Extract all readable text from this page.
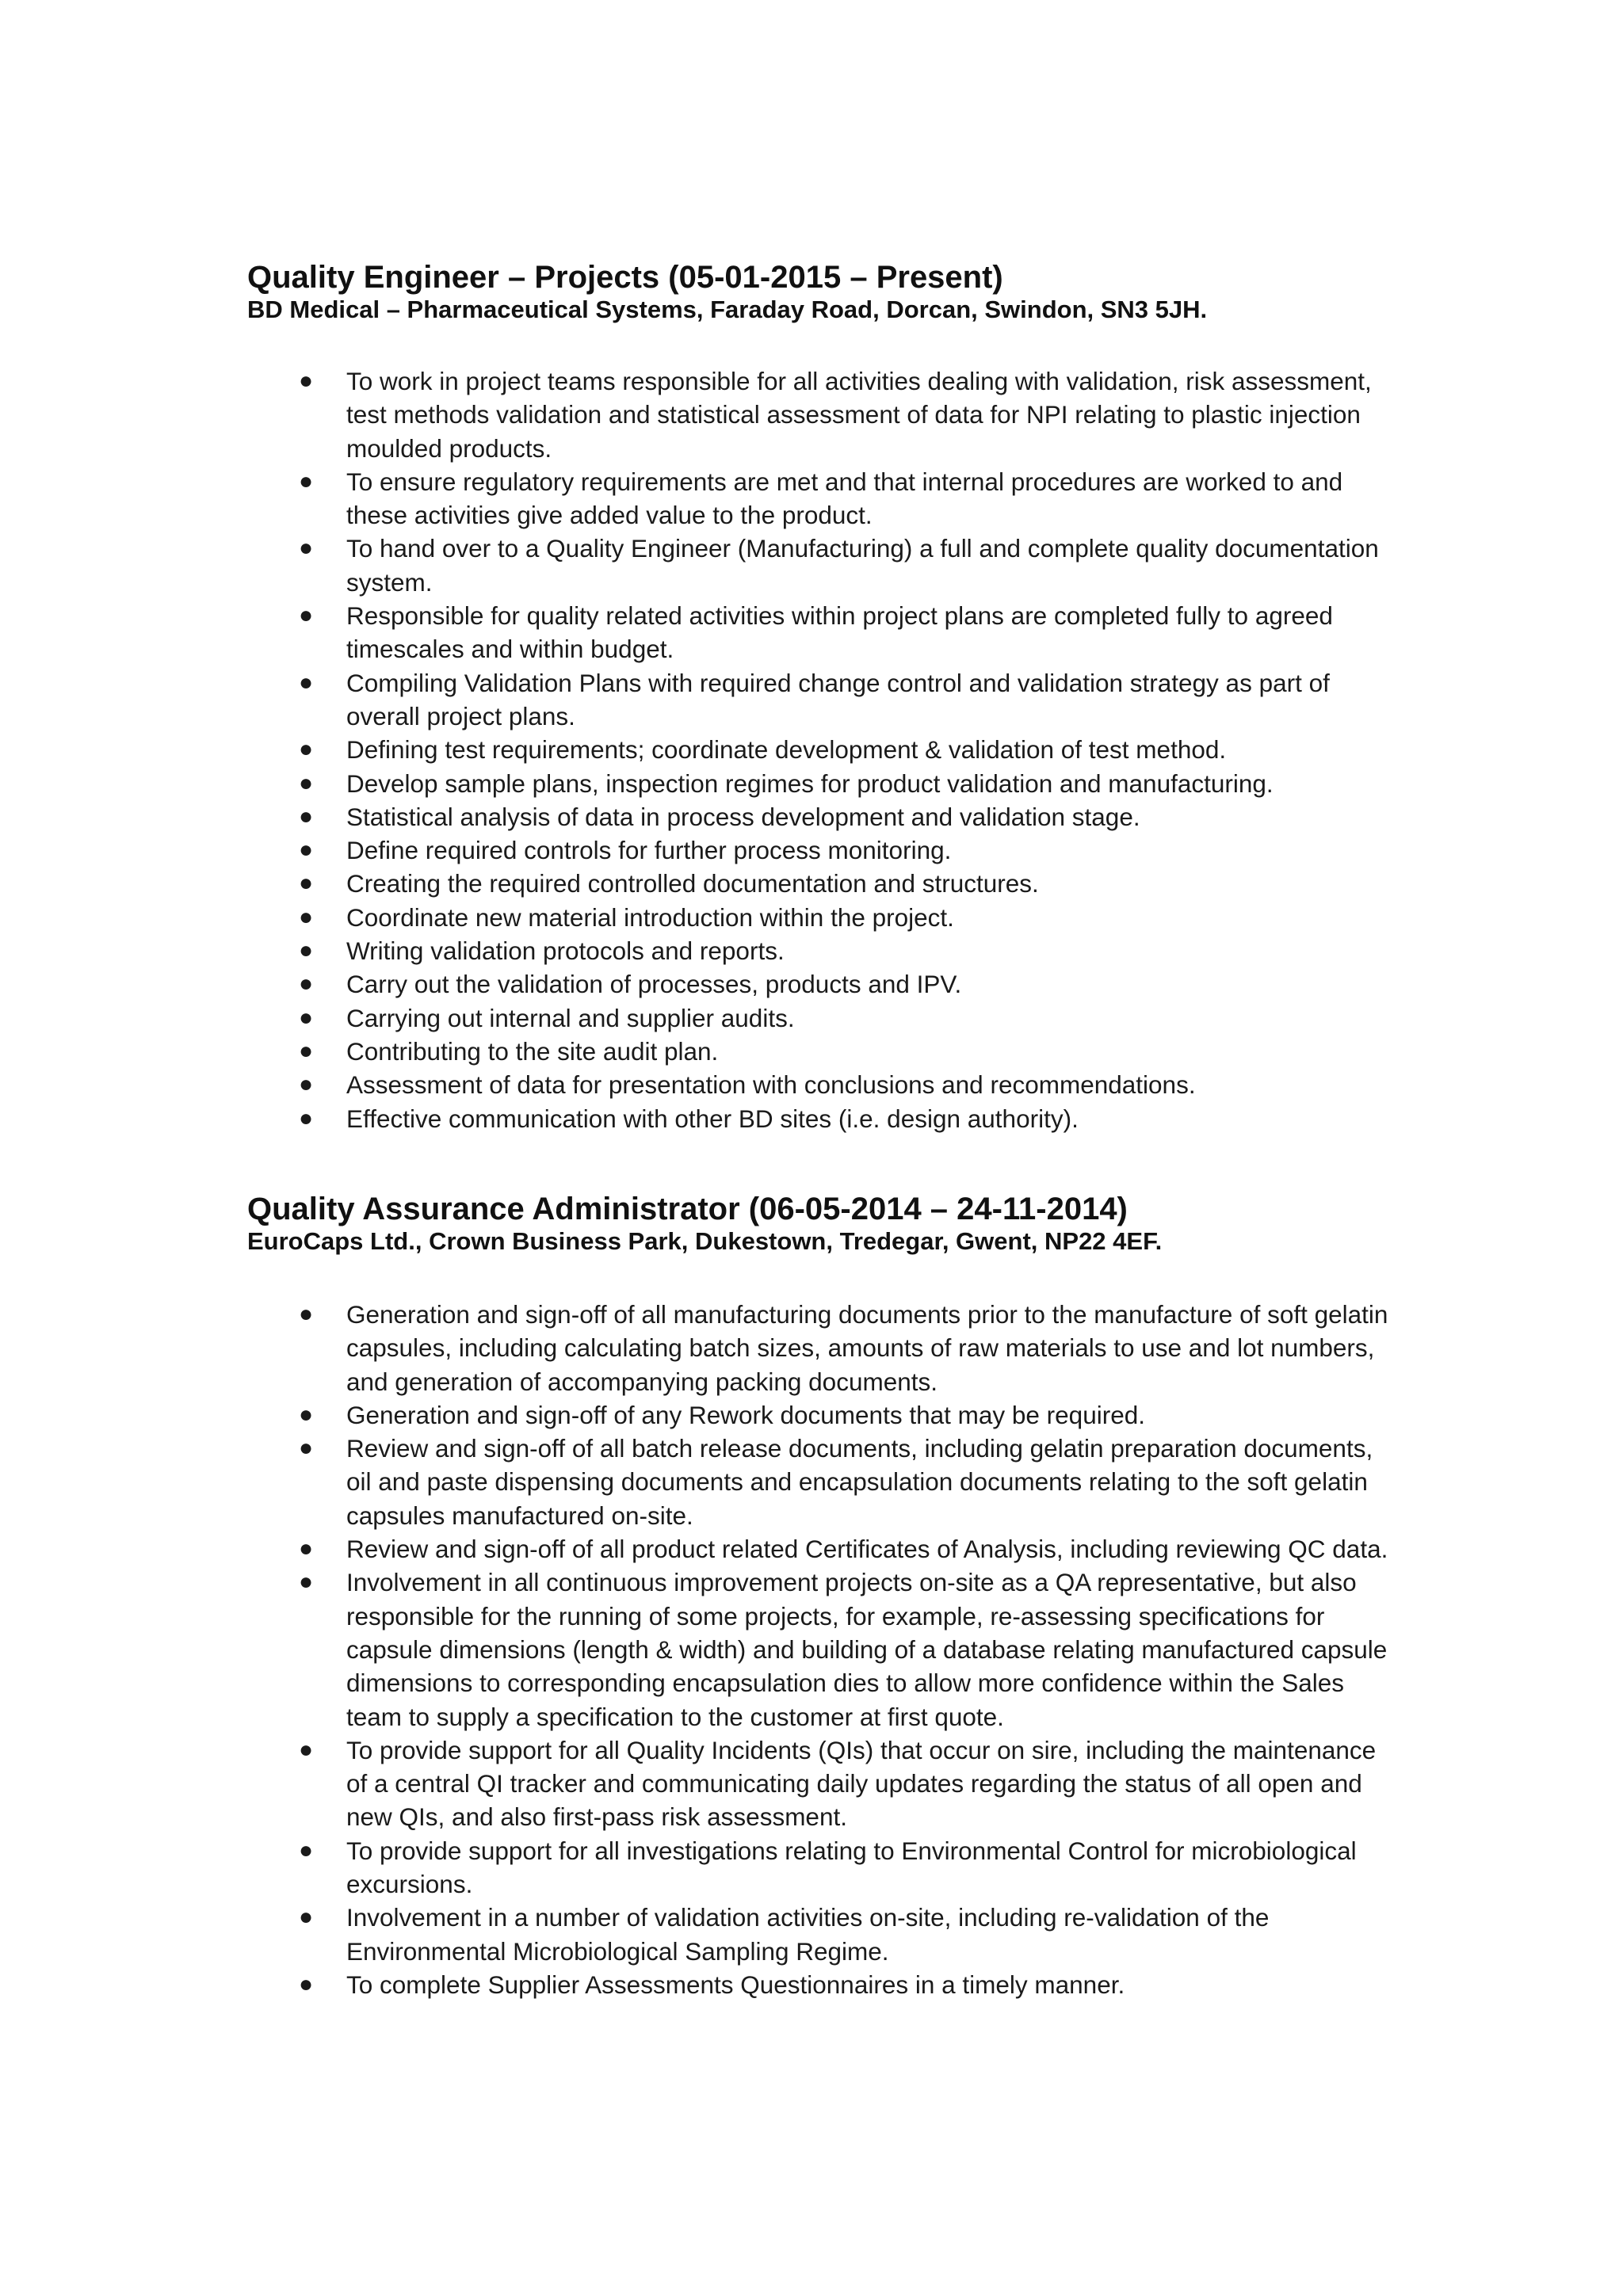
Quality Engineer – Projects (05-01-2015 – Present)

BD Medical – Pharmaceutical Systems, Faraday Road, Dorcan, Swindon, SN3 5JH.

● To work in project teams responsible for all activities dealing with validation, risk assessment, test methods validation and statistical assessment of data for NPI relating to plastic injection moulded products.
● To ensure regulatory requirements are met and that internal procedures are worked to and these activities give added value to the product.
● To hand over to a Quality Engineer (Manufacturing) a full and complete quality documentation system.
● Responsible for quality related activities within project plans are completed fully to agreed timescales and within budget.
● Compiling Validation Plans with required change control and validation strategy as part of overall project plans.
● Defining test requirements; coordinate development & validation of test method.
● Develop sample plans, inspection regimes for product validation and manufacturing.
● Statistical analysis of data in process development and validation stage.
● Define required controls for further process monitoring.
● Creating the required controlled documentation and structures.
● Coordinate new material introduction within the project.
● Writing validation protocols and reports.
● Carry out the validation of processes, products and IPV.
● Carrying out internal and supplier audits.
● Contributing to the site audit plan.
● Assessment of data for presentation with conclusions and recommendations.
● Effective communication with other BD sites (i.e. design authority).
Quality Assurance Administrator (06-05-2014 – 24-11-2014)

EuroCaps Ltd., Crown Business Park, Dukestown, Tredegar, Gwent, NP22 4EF.

● Generation and sign-off of all manufacturing documents prior to the manufacture of soft gelatin capsules, including calculating batch sizes, amounts of raw materials to use and lot numbers, and generation of accompanying packing documents.
● Generation and sign-off of any Rework documents that may be required.
● Review and sign-off of all batch release documents, including gelatin preparation documents, oil and paste dispensing documents and encapsulation documents relating to the soft gelatin capsules manufactured on-site.
● Review and sign-off of all product related Certificates of Analysis, including reviewing QC data.
● Involvement in all continuous improvement projects on-site as a QA representative, but also responsible for the running of some projects, for example, re-assessing specifications for capsule dimensions (length & width) and building of a database relating manufactured capsule dimensions to corresponding encapsulation dies to allow more confidence within the Sales team to supply a specification to the customer at first quote.
● To provide support for all Quality Incidents (QIs) that occur on sire, including the maintenance of a central QI tracker and communicating daily updates regarding the status of all open and new QIs, and also first-pass risk assessment.
● To provide support for all investigations relating to Environmental Control for microbiological excursions.
● Involvement in a number of validation activities on-site, including re-validation of the Environmental Microbiological Sampling Regime.
● To complete Supplier Assessments Questionnaires in a timely manner.
